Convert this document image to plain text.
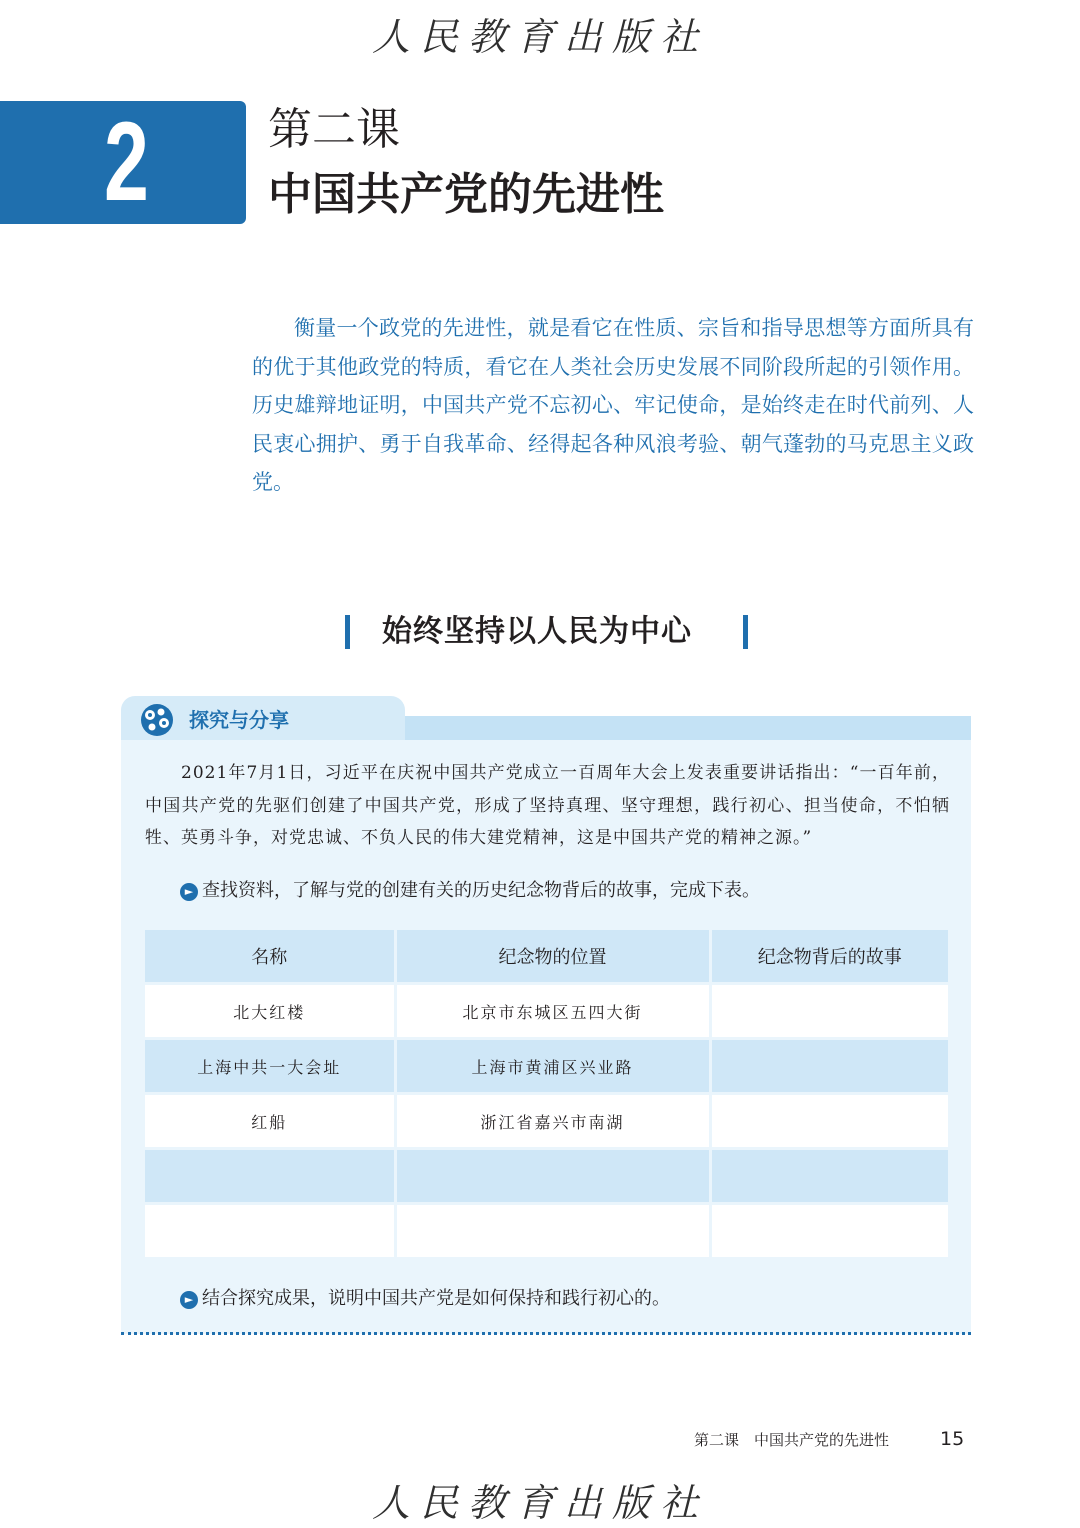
人民教育出版社
2	第二课
中国共产党的先进性

衡量一个政党的先进性，就是看它在性质、宗旨和指导思想等方面所具有的优于其他政党的特质，看它在人类社会历史发展不同阶段所起的引领作用。历史雄辩地证明，中国共产党不忘初心、牢记使命，是始终走在时代前列、人民衷心拥护、勇于自我革命、经得起各种风浪考验、朝气蓬勃的马克思主义政党。

始终坚持以人民为中心
探究与分享

2021年7月1日，习近平在庆祝中国共产党成立一百周年大会上发表重要讲话指出：“一百年前，中国共产党的先驱们创建了中国共产党，形成了坚持真理、坚守理想，践行初心、担当使命，不怕牺牲、英勇斗争，对党忠诚、不负人民的伟大建党精神，这是中国共产党的精神之源。”

► 查找资料，了解与党的创建有关的历史纪念物背后的故事，完成下表。
名称	纪念物的位置	纪念物背后的故事
北大红楼	北京市东城区五四大街	
上海中共一大会址	上海市黄浦区兴业路	
红船	浙江省嘉兴市南湖	

► 结合探究成果，说明中国共产党是如何保持和践行初心的。
第二课　中国共产党的先进性	15
人民教育出版社
